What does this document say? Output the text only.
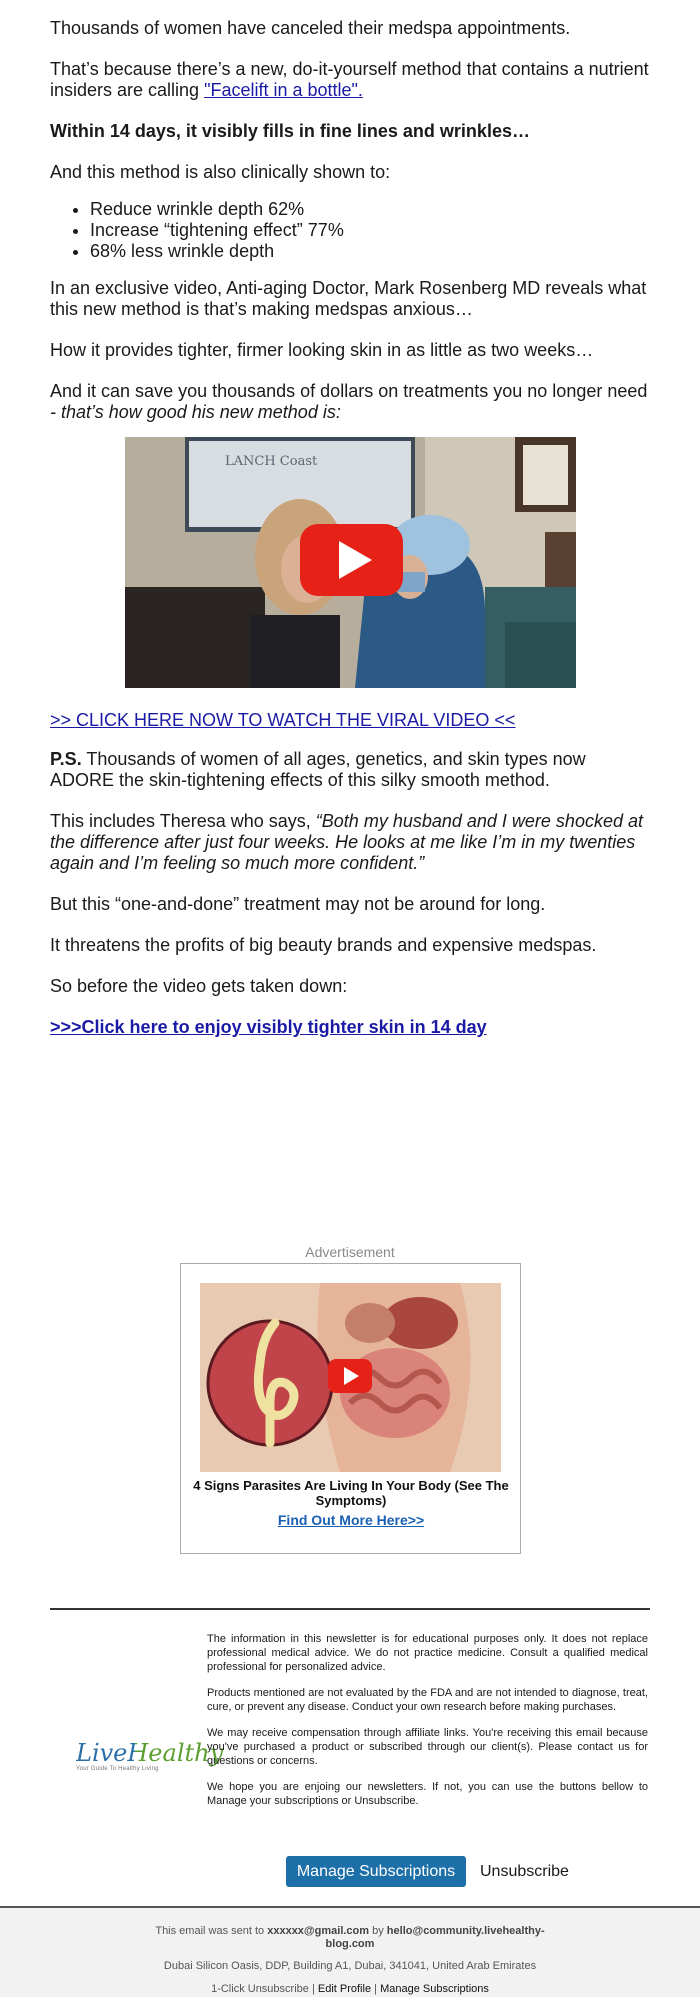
Thousands of women have canceled their medspa appointments.

That’s because there’s a new, do-it-yourself method that contains a nutrient insiders are calling "Facelift in a bottle".

Within 14 days, it visibly fills in fine lines and wrinkles…

And this method is also clinically shown to:

• Reduce wrinkle depth 62%
• Increase “tightening effect” 77%
• 68% less wrinkle depth

In an exclusive video, Anti-aging Doctor, Mark Rosenberg MD reveals what this new method is that’s making medspas anxious…

How it provides tighter, firmer looking skin in as little as two weeks…

And it can save you thousands of dollars on treatments you no longer need - that’s how good his new method is:

LANCH Coast
>> CLICK HERE NOW TO WATCH THE VIRAL VIDEO <<

P.S. Thousands of women of all ages, genetics, and skin types now ADORE the skin-tightening effects of this silky smooth method.

This includes Theresa who says, “Both my husband and I were shocked at the difference after just four weeks. He looks at me like I’m in my twenties again and I’m feeling so much more confident.”

But this “one-and-done” treatment may not be around for long.

It threatens the profits of big beauty brands and expensive medspas.

So before the video gets taken down:

>>>Click here to enjoy visibly tighter skin in 14 day

Advertisement
4 Signs Parasites Are Living In Your Body (See The Symptoms)
Find Out More Here>>
LiveHealthy
Your Guide To Healthy Living

The information in this newsletter is for educational purposes only. It does not replace professional medical advice. We do not practice medicine. Consult a qualified medical professional for personalized advice.

Products mentioned are not evaluated by the FDA and are not intended to diagnose, treat, cure, or prevent any disease. Conduct your own research before making purchases.

We may receive compensation through affiliate links. You're receiving this email because you've purchased a product or subscribed through our client(s). Please contact us for questions or concerns.

We hope you are enjoing our newsletters. If not, you can use the buttons bellow to Manage your subscriptions or Unsubscribe.

Manage Subscriptions	Unsubscribe
This email was sent to xxxxxx@gmail.com by hello@community.livehealthy-blog.com
Dubai Silicon Oasis, DDP, Building A1, Dubai, 341041, United Arab Emirates
1-Click Unsubscribe | Edit Profile | Manage Subscriptions
